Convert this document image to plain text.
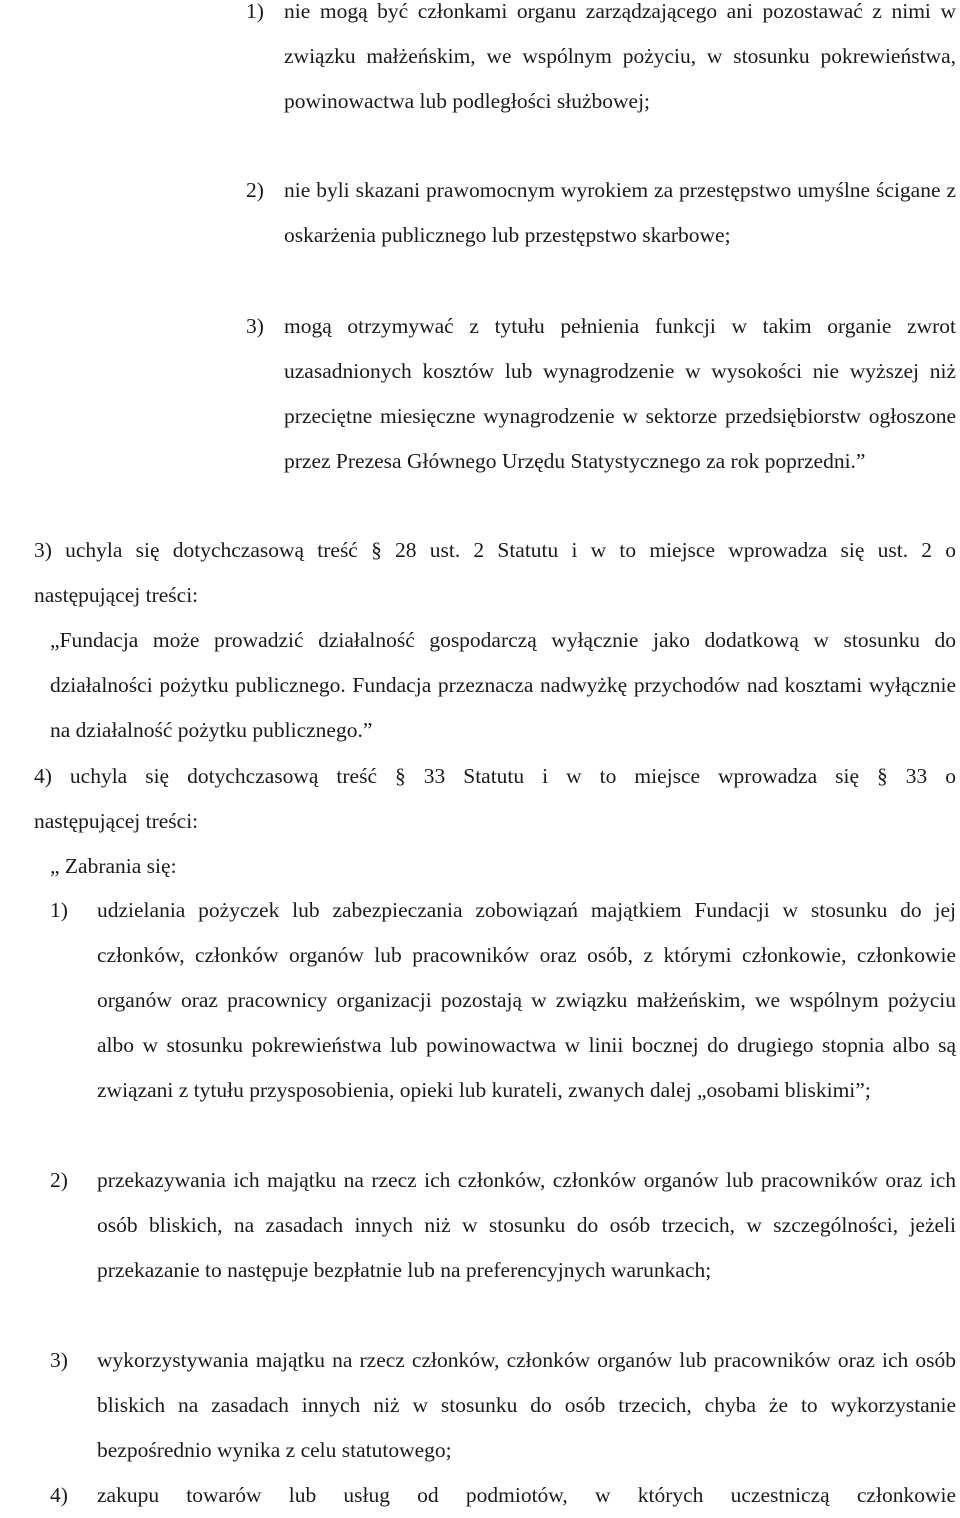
1) nie mogą być członkami organu zarządzającego ani pozostawać z nimi w związku małżeńskim, we wspólnym pożyciu, w stosunku pokrewieństwa, powinowactwa lub podległości służbowej;
2) nie byli skazani prawomocnym wyrokiem za przestępstwo umyślne ścigane z oskarżenia publicznego lub przestępstwo skarbowe;
3) mogą otrzymywać z tytułu pełnienia funkcji w takim organie zwrot uzasadnionych kosztów lub wynagrodzenie w wysokości nie wyższej niż przeciętne miesięczne wynagrodzenie w sektorze przedsiębiorstw ogłoszone przez Prezesa Głównego Urzędu Statystycznego za rok poprzedni.”
3) uchyla się dotychczasową treść § 28 ust. 2 Statutu i w to miejsce wprowadza się ust. 2 o
następującej treści:
„Fundacja może prowadzić działalność gospodarczą wyłącznie jako dodatkową w stosunku do działalności pożytku publicznego. Fundacja przeznacza nadwyżkę przychodów nad kosztami wyłącznie na działalność pożytku publicznego.”
4) uchyla się dotychczasową treść § 33 Statutu i w to miejsce wprowadza się § 33 o
następującej treści:
„ Zabrania się:
1) udzielania pożyczek lub zabezpieczania zobowiązań majątkiem Fundacji w stosunku do jej członków, członków organów lub pracowników oraz osób, z którymi członkowie, członkowie organów oraz pracownicy organizacji pozostają w związku małżeńskim, we wspólnym pożyciu albo w stosunku pokrewieństwa lub powinowactwa w linii bocznej do drugiego stopnia albo są związani z tytułu przysposobienia, opieki lub kurateli, zwanych dalej „osobami bliskimi”;
2) przekazywania ich majątku na rzecz ich członków, członków organów lub pracowników oraz ich osób bliskich, na zasadach innych niż w stosunku do osób trzecich, w szczególności, jeżeli przekazanie to następuje bezpłatnie lub na preferencyjnych warunkach;
3) wykorzystywania majątku na rzecz członków, członków organów lub pracowników oraz ich osób bliskich na zasadach innych niż w stosunku do osób trzecich, chyba że to wykorzystanie bezpośrednio wynika z celu statutowego;
4) zakupu towarów lub usług od podmiotów, w których uczestniczą członkowie
